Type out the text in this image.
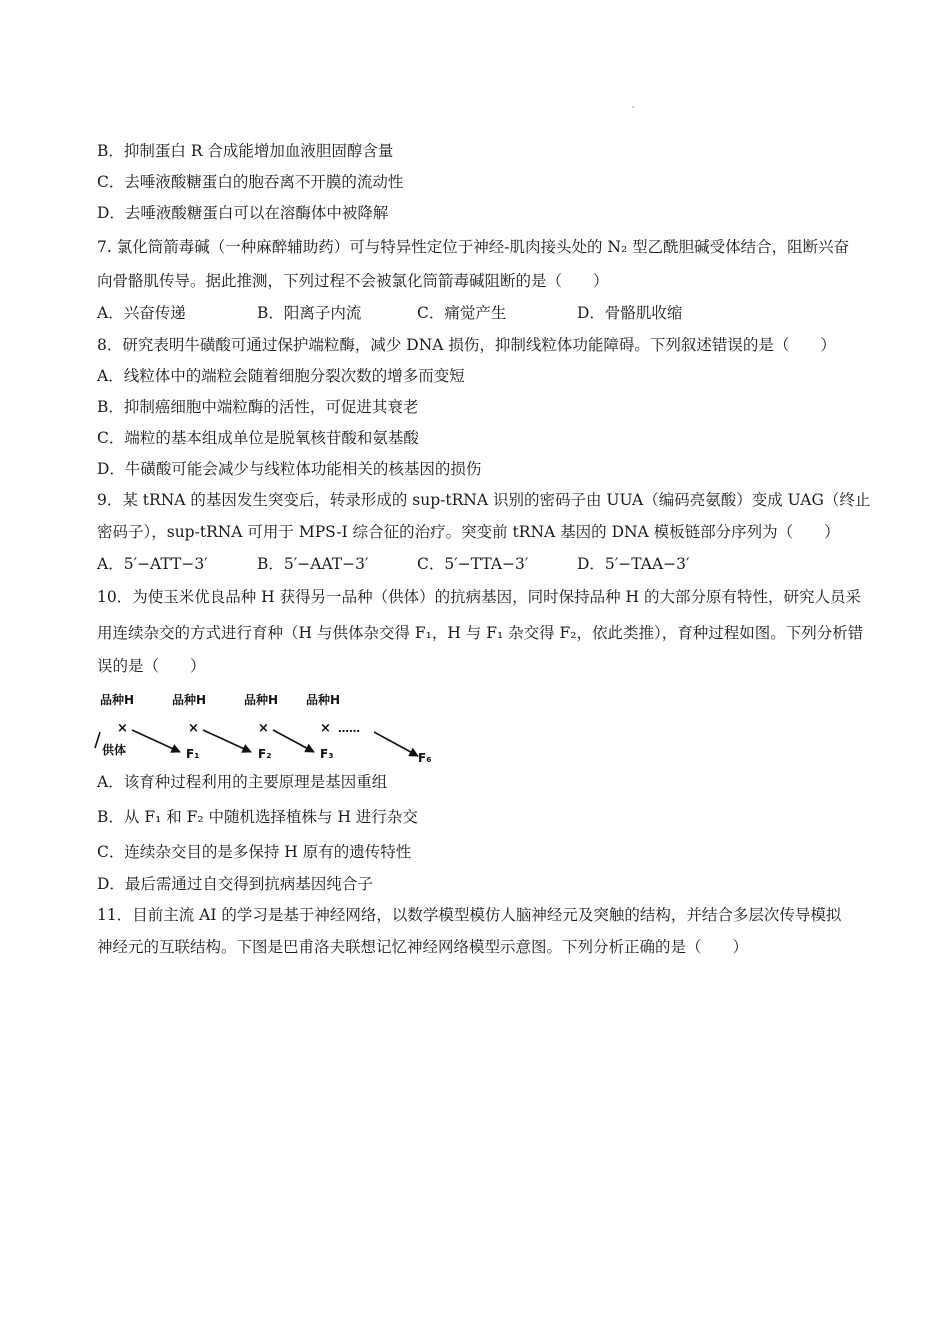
B．抑制蛋白 R 合成能增加血液胆固醇含量
C．去唾液酸糖蛋白的胞吞离不开膜的流动性
D．去唾液酸糖蛋白可以在溶酶体中被降解
7. 氯化筒箭毒碱（一种麻醉辅助药）可与特异性定位于神经-肌肉接头处的 N₂ 型乙酰胆碱受体结合，阻断兴奋
向骨骼肌传导。据此推测，下列过程不会被氯化筒箭毒碱阻断的是（　　）
A．兴奋传递	B．阳离子内流	C．痛觉产生	D．骨骼肌收缩
8．研究表明牛磺酸可通过保护端粒酶，减少 DNA 损伤，抑制线粒体功能障碍。下列叙述错误的是（　　）
A．线粒体中的端粒会随着细胞分裂次数的增多而变短
B．抑制癌细胞中端粒酶的活性，可促进其衰老
C．端粒的基本组成单位是脱氧核苷酸和氨基酸
D．牛磺酸可能会减少与线粒体功能相关的核基因的损伤
9．某 tRNA 的基因发生突变后，转录形成的 sup-tRNA 识别的密码子由 UUA（编码亮氨酸）变成 UAG（终止
密码子），sup-tRNA 可用于 MPS-I 综合征的治疗。突变前 tRNA 基因的 DNA 模板链部分序列为（　　）
A．5′−ATT−3′	B．5′−AAT−3′	C．5′−TTA−3′	D．5′−TAA−3′
10．为使玉米优良品种 H 获得另一品种（供体）的抗病基因，同时保持品种 H 的大部分原有特性，研究人员采
用连续杂交的方式进行育种（H 与供体杂交得 F₁，H 与 F₁ 杂交得 F₂，依此类推），育种过程如图。下列分析错
误的是（　　）
品种H	品种H	品种H 品种H
×	×	×	× ……
供体	F₁	F₂	F₃	F₆
A．该育种过程利用的主要原理是基因重组
B．从 F₁ 和 F₂ 中随机选择植株与 H 进行杂交
C．连续杂交目的是多保持 H 原有的遗传特性
D．最后需通过自交得到抗病基因纯合子
11．目前主流 AI 的学习是基于神经网络，以数学模型模仿人脑神经元及突触的结构，并结合多层次传导模拟
神经元的互联结构。下图是巴甫洛夫联想记忆神经网络模型示意图。下列分析正确的是（　　）
